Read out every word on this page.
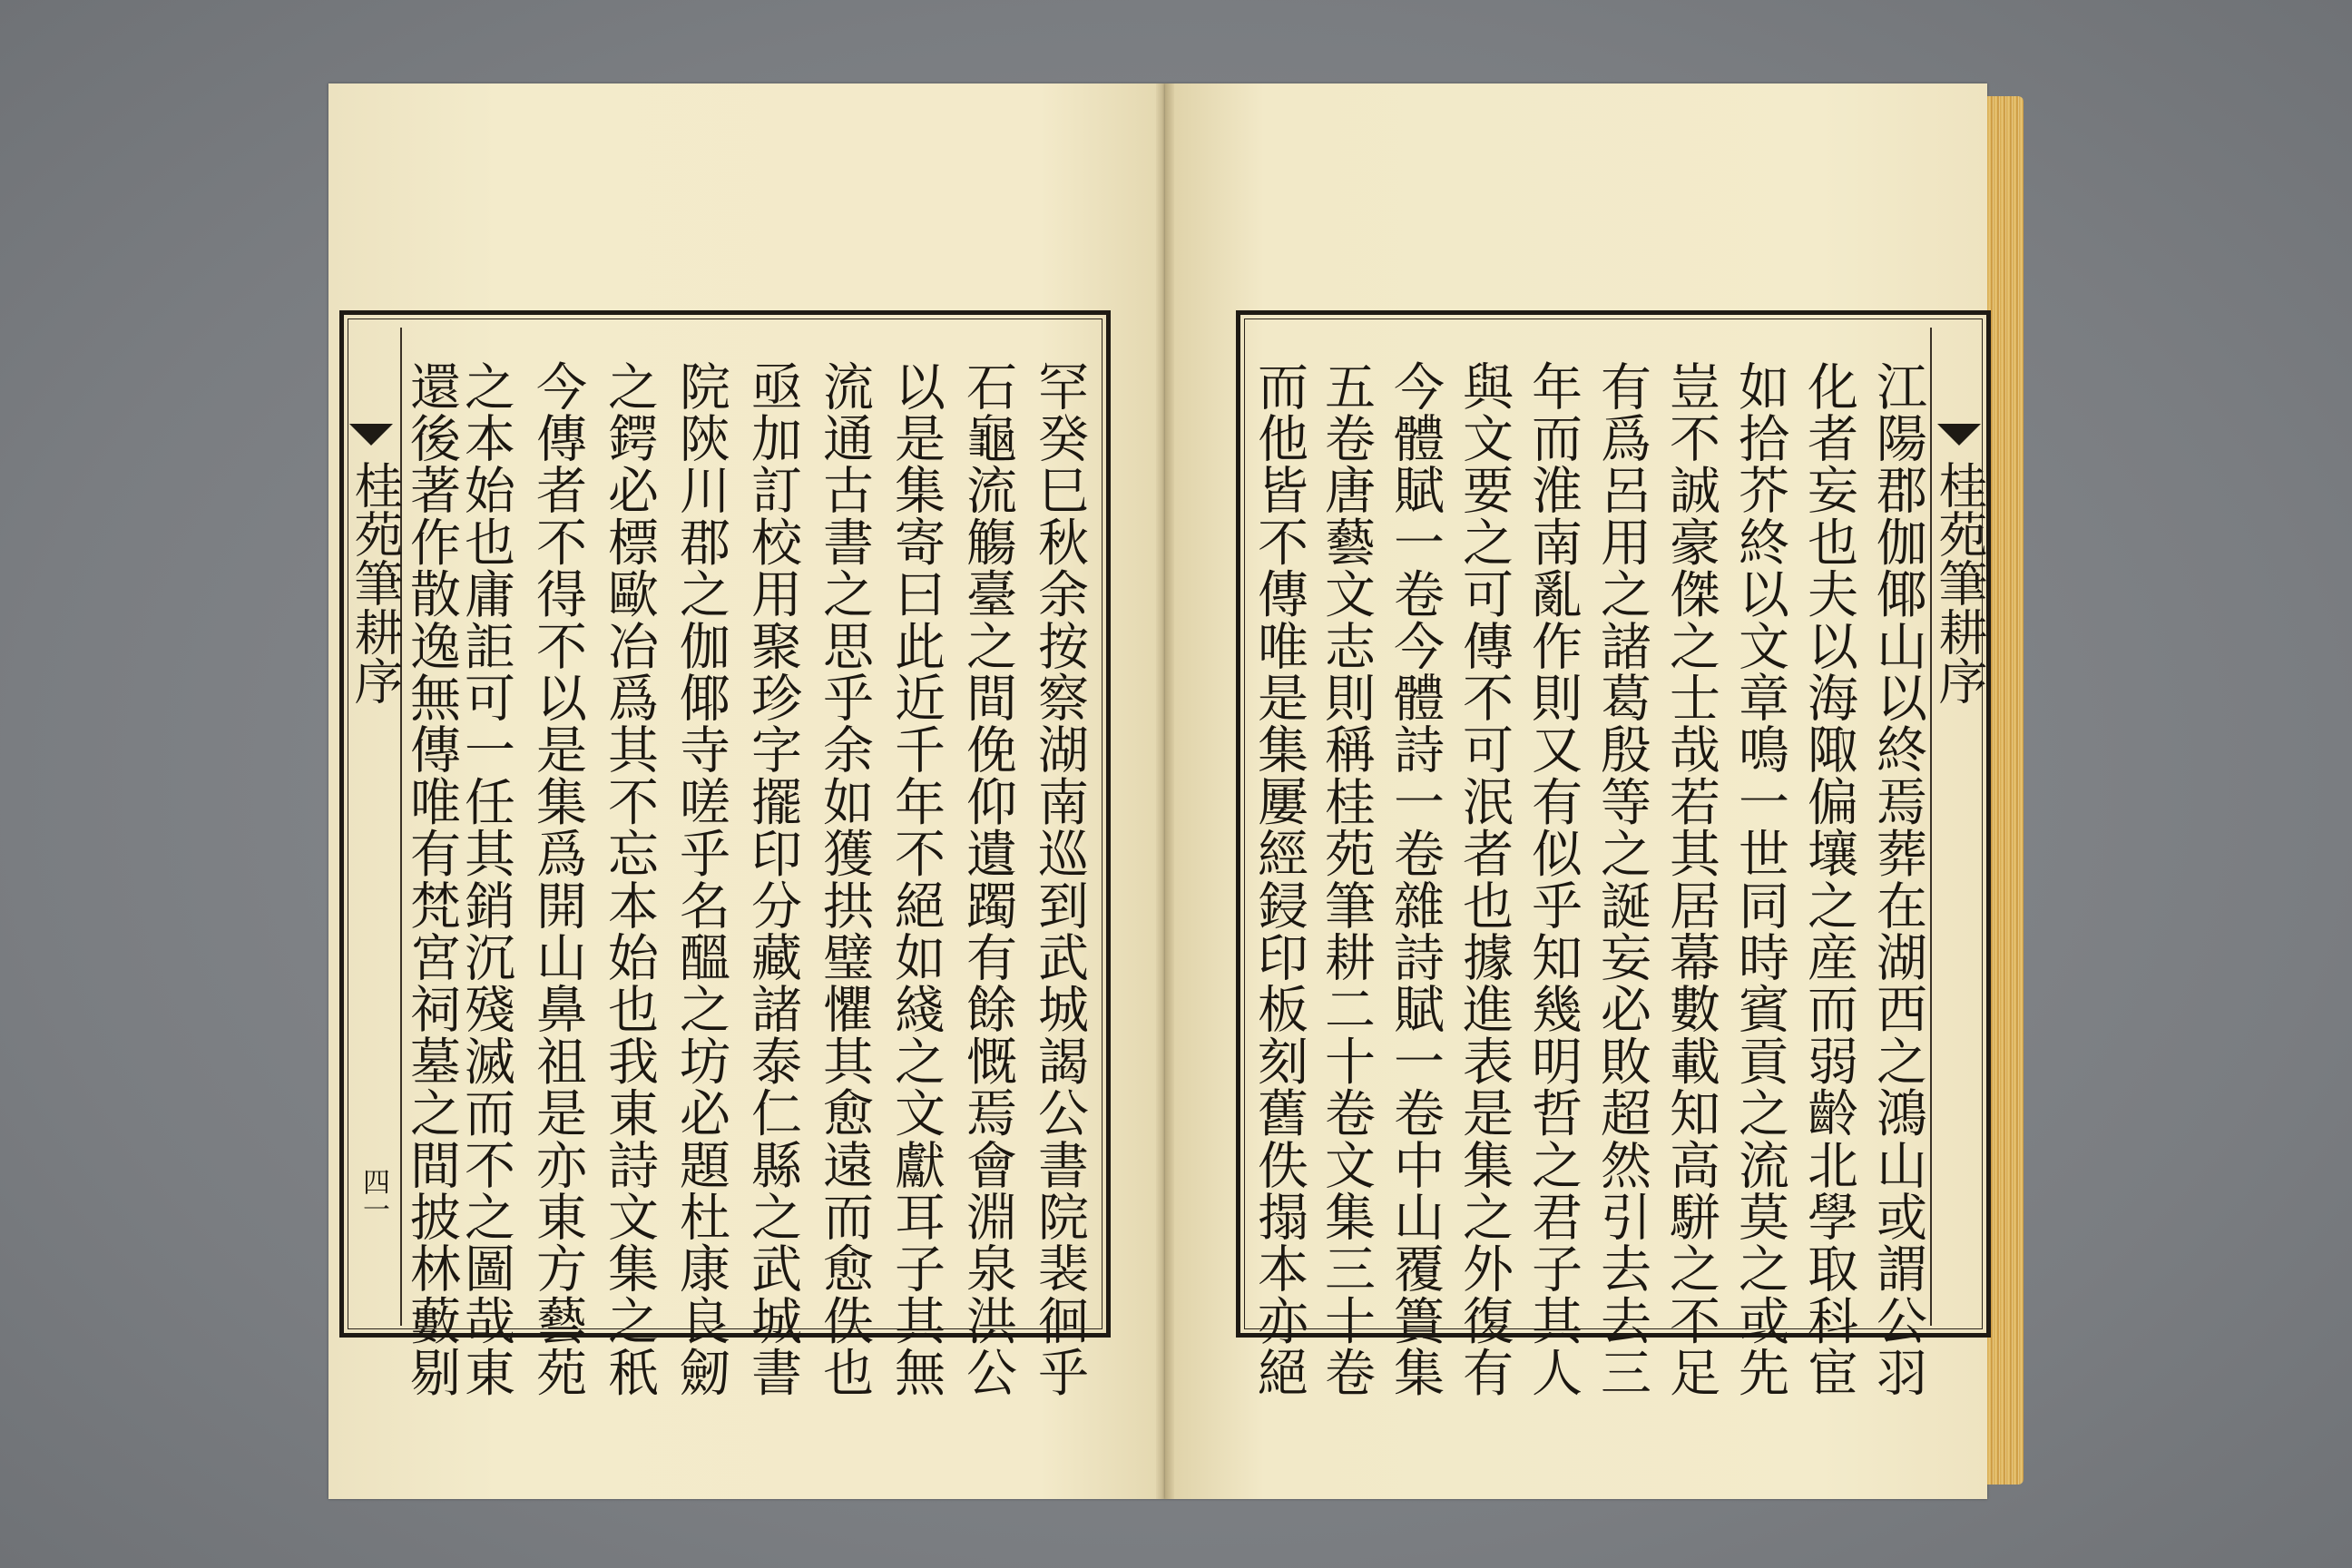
桂苑筆耕序
四一	罕癸巳秋余按察湖南巡到武城謁公書院裴徊乎
石龜流觴臺之間俛仰遺躅有餘慨焉會淵泉洪公
以是集寄曰此近千年不絕如綫之文獻耳子其無
流通古書之思乎余如獲拱璧懼其愈遠而愈佚也
亟加訂校用聚珍字擺印分藏諸泰仁縣之武城書
院陝川郡之伽倻寺嗟乎名醞之坊必題杜康良劒
之鍔必標歐冶爲其不忘本始也我東詩文集之秖
今傳者不得不以是集爲開山鼻祖是亦東方藝苑
之本始也庸詎可一任其銷沉殘滅而不之圖哉東
還後著作散逸無傳唯有梵宮祠墓之間披林藪剔	桂苑筆耕序
江陽郡伽倻山以終焉葬在湖西之鴻山或謂公羽
化者妄也夫以海陬偏壤之産而弱齡北學取科宦
如拾芥終以文章鳴一世同時賓貢之流莫之或先
豈不誠豪傑之士哉若其居幕數載知高駢之不足
有爲呂用之諸葛殷等之誕妄必敗超然引去去三
年而淮南亂作則又有似乎知幾明哲之君子其人
與文要之可傳不可泯者也據進表是集之外復有
今體賦一卷今體詩一卷雜詩賦一卷中山覆簣集
五卷唐藝文志則稱桂苑筆耕二十卷文集三十卷
而他皆不傳唯是集屢經鋟印板刻舊佚搨本亦絕
